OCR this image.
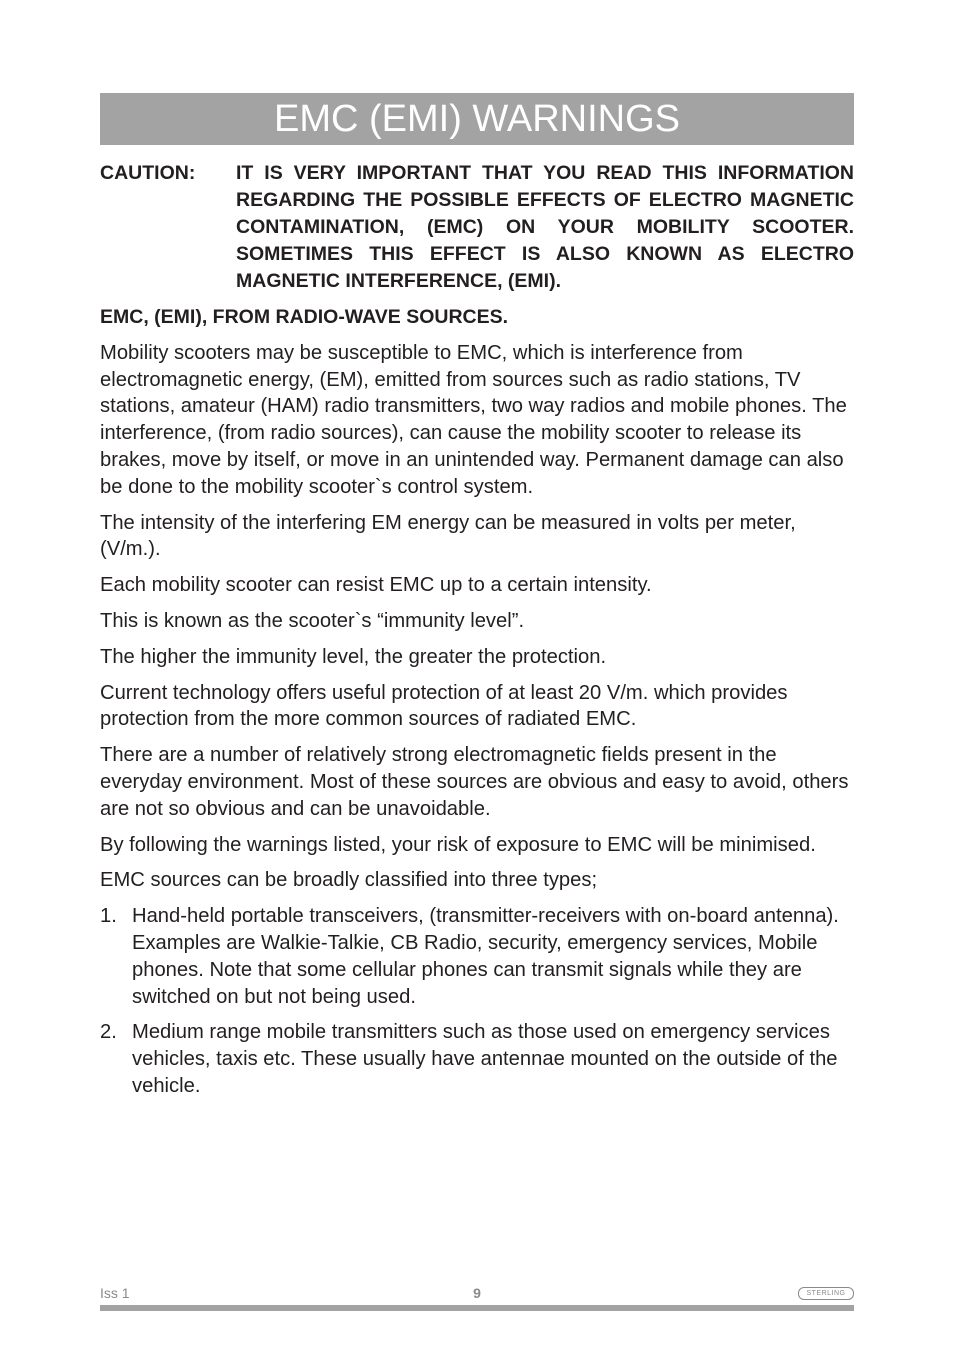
EMC (EMI) WARNINGS
CAUTION:	IT IS VERY IMPORTANT THAT YOU READ THIS INFORMATION REGARDING THE POSSIBLE EFFECTS OF ELECTRO MAGNETIC CONTAMINATION, (EMC) ON YOUR MOBILITY SCOOTER. SOMETIMES THIS EFFECT IS ALSO KNOWN AS ELECTRO MAGNETIC INTERFERENCE, (EMI).
EMC, (EMI), FROM RADIO-WAVE SOURCES.

Mobility scooters may be susceptible to EMC, which is interference from electromagnetic energy, (EM), emitted from sources such as radio stations, TV stations, amateur (HAM) radio transmitters, two way radios and mobile phones. The interference, (from radio sources), can cause the mobility scooter to release its brakes, move by itself, or move in an unintended way. Permanent damage can also be done to the mobility scooter`s control system.

The intensity of the interfering EM energy can be measured in volts per meter, (V/m.).

Each mobility scooter can resist EMC up to a certain intensity.

This is known as the scooter`s “immunity level”.

The higher the immunity level, the greater the protection.

Current technology offers useful protection of at least 20 V/m. which provides protection from the more common sources of radiated EMC.

There are a number of relatively strong electromagnetic fields present in the everyday environment. Most of these sources are obvious and easy to avoid, others are not so obvious and can be unavoidable.

By following the warnings listed, your risk of exposure to EMC will be minimised.

EMC sources can be broadly classified into three types;

1. Hand-held portable transceivers, (transmitter-receivers with on-board antenna). Examples are Walkie-Talkie, CB Radio, security, emergency services, Mobile phones. Note that some cellular phones can transmit signals while they are switched on but not being used.
2. Medium range mobile transmitters such as those used on emergency services vehicles, taxis etc. These usually have antennae mounted on the outside of the vehicle.
Iss 1	9	STERLING
